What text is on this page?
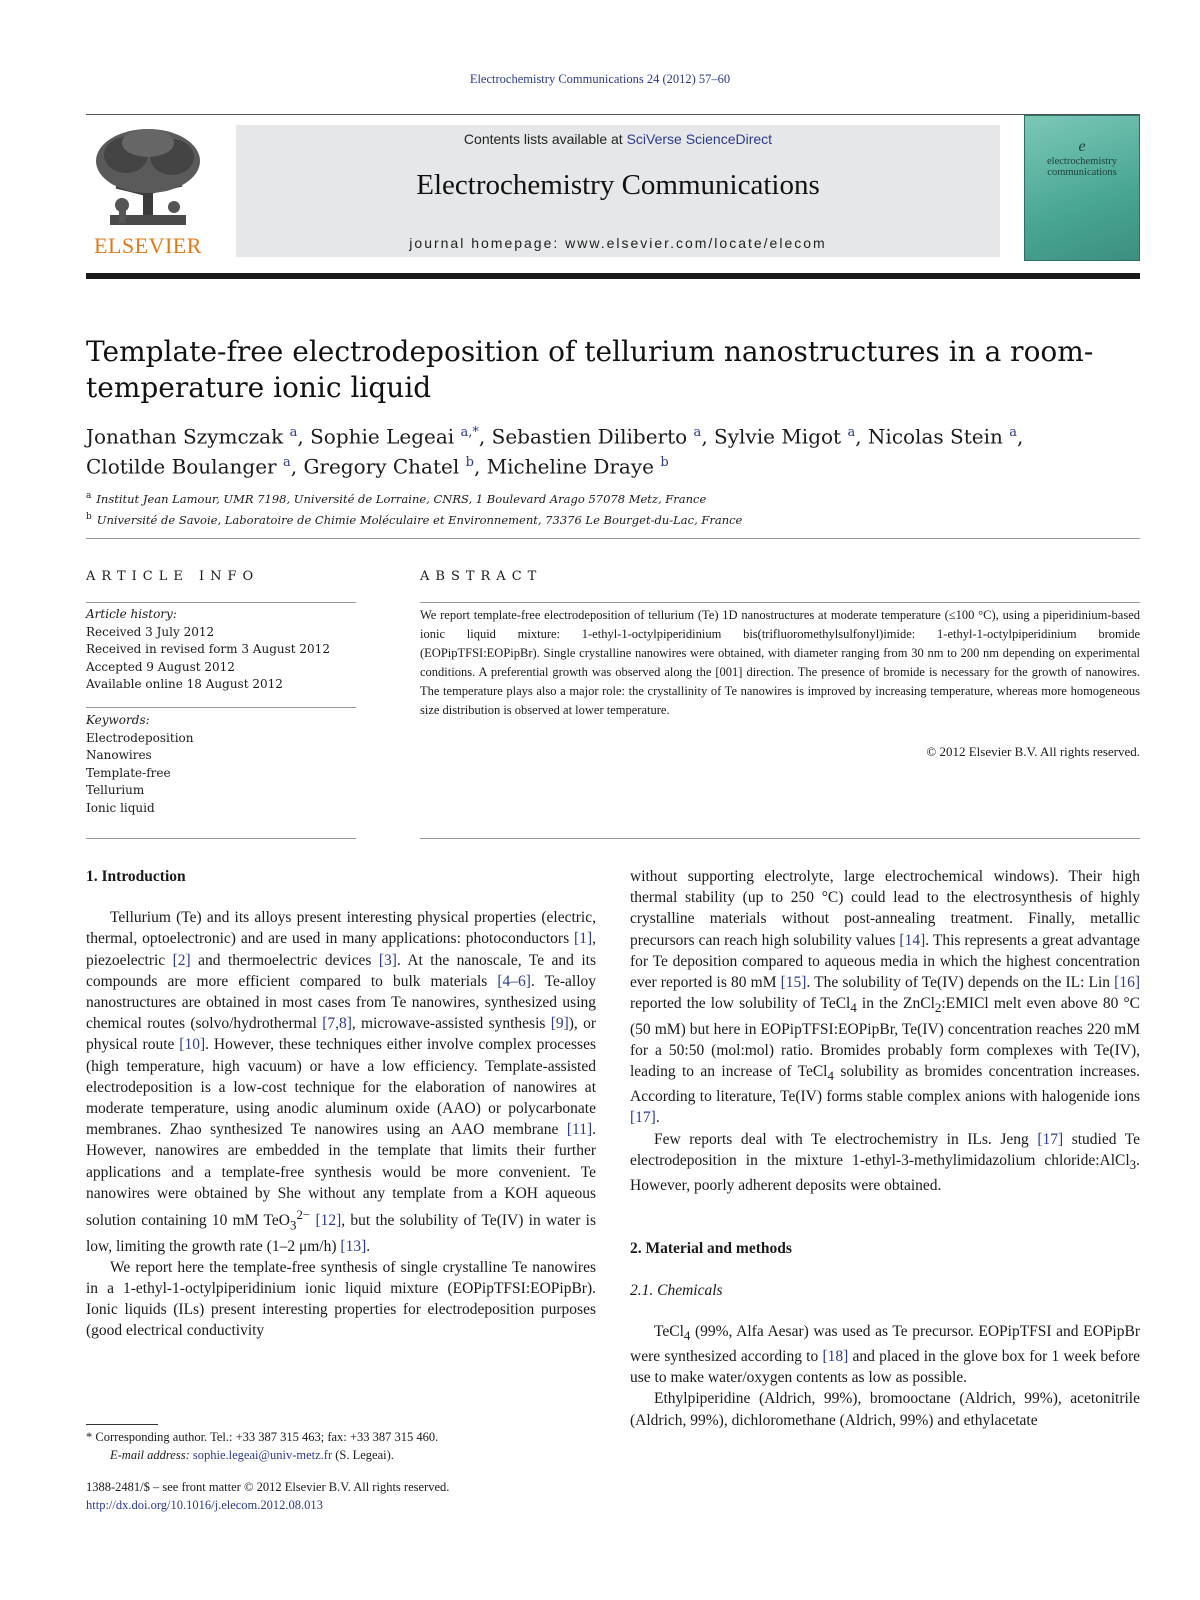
Electrochemistry Communications 24 (2012) 57–60
ELSEVIER
Contents lists available at SciVerse ScienceDirect
Electrochemistry Communications
journal homepage: www.elsevier.com/locate/elecom
e
electrochemistry
communications
Template-free electrodeposition of tellurium nanostructures in a room-temperature ionic liquid
Jonathan Szymczak $^a$, Sophie Legeai $^{a,*}$, Sebastien Diliberto $^a$, Sylvie Migot $^a$, Nicolas Stein $^a$,
Clotilde Boulanger $^a$, Gregory Chatel $^b$, Micheline Draye $^b$
$^a$ Institut Jean Lamour, UMR 7198, Université de Lorraine, CNRS, 1 Boulevard Arago 57078 Metz, France
$^b$ Université de Savoie, Laboratoire de Chimie Moléculaire et Environnement, 73376 Le Bourget-du-Lac, France
ARTICLE INFO	ABSTRACT
Article history:
Received 3 July 2012
Received in revised form 3 August 2012
Accepted 9 August 2012
Available online 18 August 2012
Keywords:
Electrodeposition
Nanowires
Template-free
Tellurium
Ionic liquid
We report template-free electrodeposition of tellurium (Te) 1D nanostructures at moderate temperature (≤100 °C), using a piperidinium-based ionic liquid mixture: 1-ethyl-1-octylpiperidinium bis(trifluoromethylsulfonyl)imide: 1-ethyl-1-octylpiperidinium bromide (EOPipTFSI:EOPipBr). Single crystalline nanowires were obtained, with diameter ranging from 30 nm to 200 nm depending on experimental conditions. A preferential growth was observed along the [001] direction. The presence of bromide is necessary for the growth of nanowires. The temperature plays also a major role: the crystallinity of Te nanowires is improved by increasing temperature, whereas more homogeneous size distribution is observed at lower temperature.
© 2012 Elsevier B.V. All rights reserved.
1. Introduction

Tellurium (Te) and its alloys present interesting physical properties (electric, thermal, optoelectronic) and are used in many applications: photoconductors [1], piezoelectric [2] and thermoelectric devices [3]. At the nanoscale, Te and its compounds are more efficient compared to bulk materials [4–6]. Te-alloy nanostructures are obtained in most cases from Te nanowires, synthesized using chemical routes (solvo/hydrothermal [7,8], microwave-assisted synthesis [9]), or physical route [10]. However, these techniques either involve complex processes (high temperature, high vacuum) or have a low efficiency. Template-assisted electrodeposition is a low-cost technique for the elaboration of nanowires at moderate temperature, using anodic aluminum oxide (AAO) or polycarbonate membranes. Zhao synthesized Te nanowires using an AAO membrane [11]. However, nanowires are embedded in the template that limits their further applications and a template-free synthesis would be more convenient. Te nanowires were obtained by She without any template from a KOH aqueous solution containing 10 mM TeO$_3^{2-}$ [12], but the solubility of Te(IV) in water is low, limiting the growth rate (1–2 μm/h) [13].

We report here the template-free synthesis of single crystalline Te nanowires in a 1-ethyl-1-octylpiperidinium ionic liquid mixture (EOPipTFSI:EOPipBr). Ionic liquids (ILs) present interesting properties for electrodeposition purposes (good electrical conductivity

without supporting electrolyte, large electrochemical windows). Their high thermal stability (up to 250 °C) could lead to the electrosynthesis of highly crystalline materials without post-annealing treatment. Finally, metallic precursors can reach high solubility values [14]. This represents a great advantage for Te deposition compared to aqueous media in which the highest concentration ever reported is 80 mM [15]. The solubility of Te(IV) depends on the IL: Lin [16] reported the low solubility of TeCl$_4$ in the ZnCl$_2$:EMICl melt even above 80 °C (50 mM) but here in EOPipTFSI:EOPipBr, Te(IV) concentration reaches 220 mM for a 50:50 (mol:mol) ratio. Bromides probably form complexes with Te(IV), leading to an increase of TeCl$_4$ solubility as bromides concentration increases. According to literature, Te(IV) forms stable complex anions with halogenide ions [17].

Few reports deal with Te electrochemistry in ILs. Jeng [17] studied Te electrodeposition in the mixture 1-ethyl-3-methylimidazolium chloride:AlCl$_3$. However, poorly adherent deposits were obtained.

2. Material and methods
2.1. Chemicals

TeCl$_4$ (99%, Alfa Aesar) was used as Te precursor. EOPipTFSI and EOPipBr were synthesized according to [18] and placed in the glove box for 1 week before use to make water/oxygen contents as low as possible.

Ethylpiperidine (Aldrich, 99%), bromooctane (Aldrich, 99%), acetonitrile (Aldrich, 99%), dichloromethane (Aldrich, 99%) and ethylacetate

* Corresponding author. Tel.: +33 387 315 463; fax: +33 387 315 460.
E-mail address: sophie.legeai@univ-metz.fr (S. Legeai).
1388-2481/$ – see front matter © 2012 Elsevier B.V. All rights reserved.
http://dx.doi.org/10.1016/j.elecom.2012.08.013
